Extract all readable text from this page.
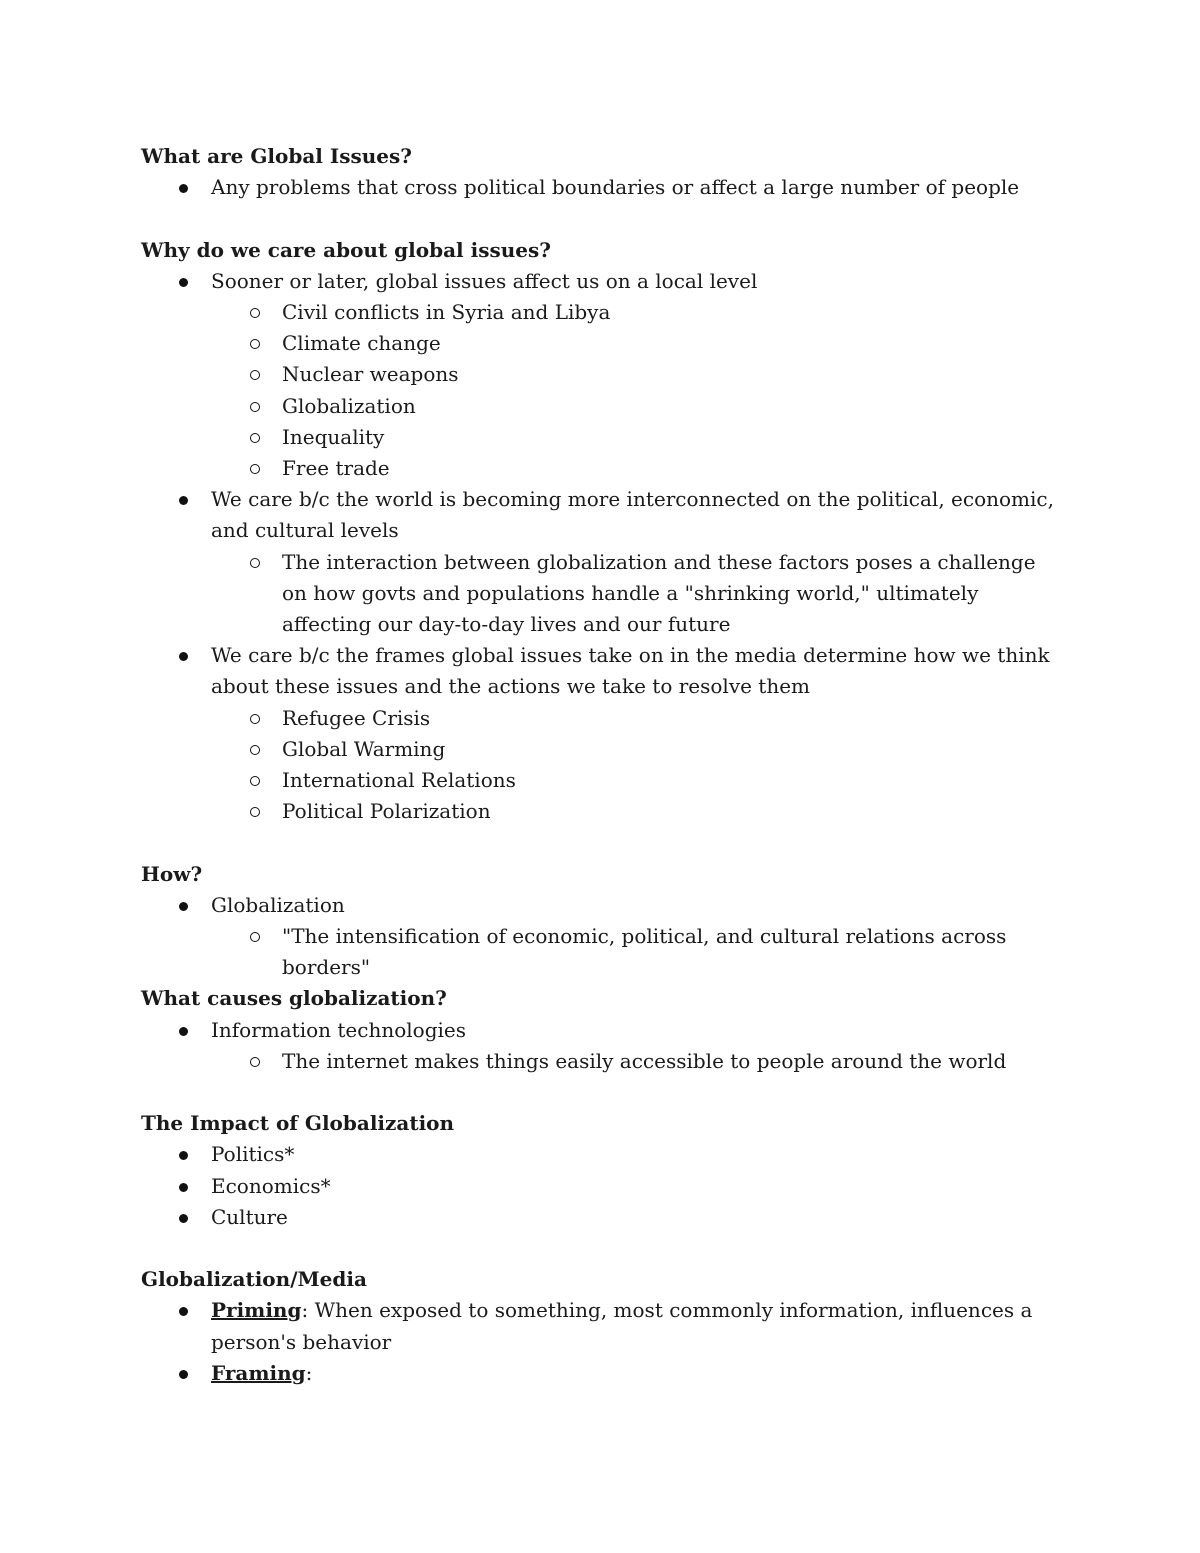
What are Global Issues?

Any problems that cross political boundaries or affect a large number of people

Why do we care about global issues?

Sooner or later, global issues affect us on a local level
Civil conflicts in Syria and Libya
Climate change
Nuclear weapons
Globalization
Inequality
Free trade
We care b/c the world is becoming more interconnected on the political, economic, and cultural levels
The interaction between globalization and these factors poses a challenge on how govts and populations handle a "shrinking world," ultimately affecting our day-to-day lives and our future
We care b/c the frames global issues take on in the media determine how we think about these issues and the actions we take to resolve them
Refugee Crisis
Global Warming
International Relations
Political Polarization

How?

Globalization
"The intensification of economic, political, and cultural relations across borders"

What causes globalization?

Information technologies
The internet makes things easily accessible to people around the world

The Impact of Globalization

Politics*
Economics*
Culture

Globalization/Media

Priming: When exposed to something, most commonly information, influences a person's behavior
Framing:
